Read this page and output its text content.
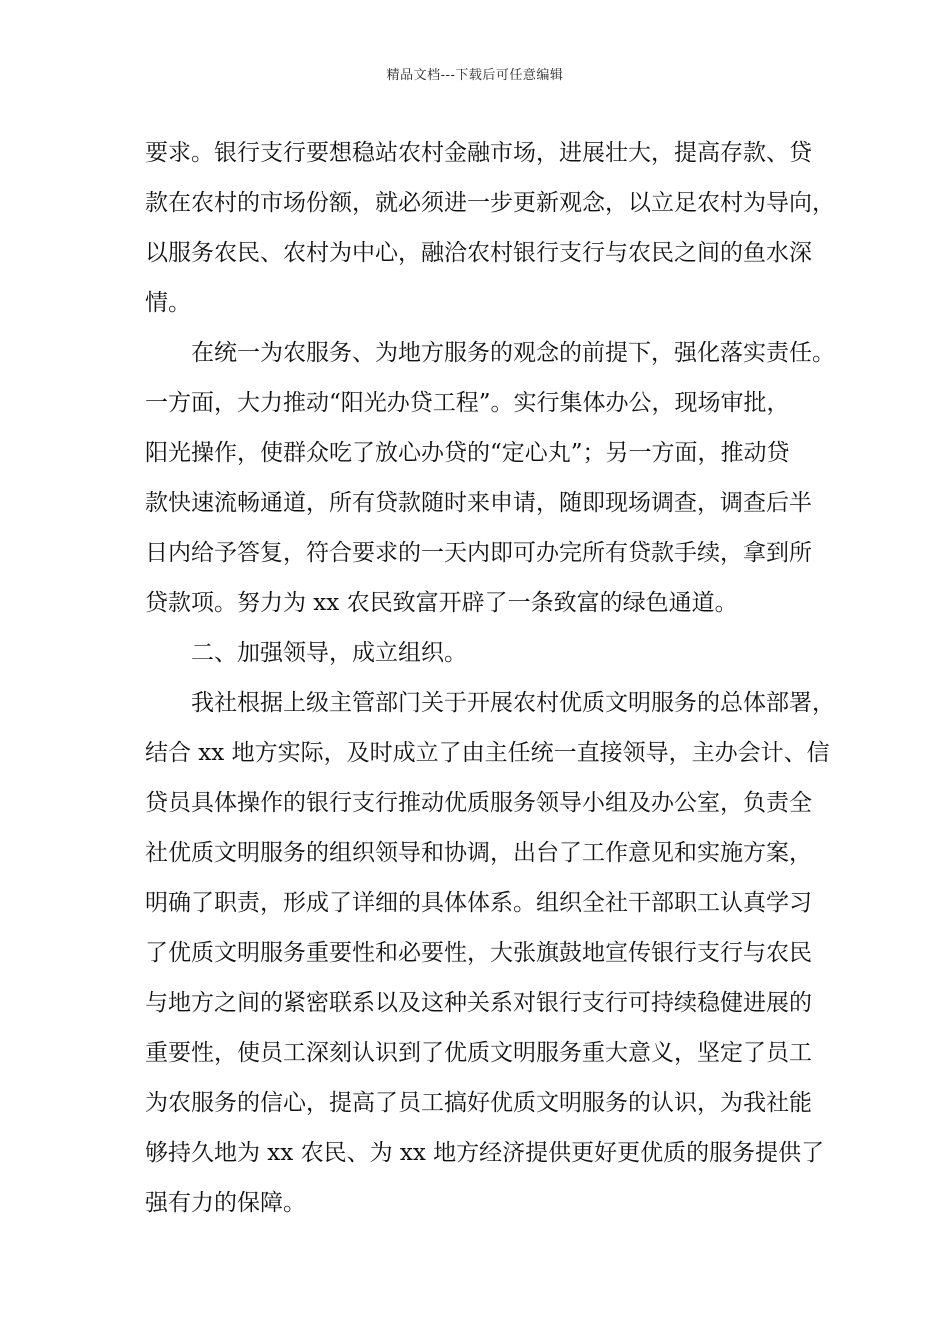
精品文档---下载后可任意编辑
要求。银行支行要想稳站农村金融市场，进展壮大，提高存款、贷
款在农村的市场份额，就必须进一步更新观念，以立足农村为导向，
以服务农民、农村为中心，融洽农村银行支行与农民之间的鱼水深
情。
在统一为农服务、为地方服务的观念的前提下，强化落实责任。
一方面，大力推动“阳光办贷工程”。实行集体办公，现场审批，
阳光操作，使群众吃了放心办贷的“定心丸”；另一方面，推动贷
款快速流畅通道，所有贷款随时来申请，随即现场调查，调查后半
日内给予答复，符合要求的一天内即可办完所有贷款手续，拿到所
贷款项。努力为 xx 农民致富开辟了一条致富的绿色通道。
二、加强领导，成立组织。
我社根据上级主管部门关于开展农村优质文明服务的总体部署，
结合 xx 地方实际，及时成立了由主任统一直接领导，主办会计、信
贷员具体操作的银行支行推动优质服务领导小组及办公室，负责全
社优质文明服务的组织领导和协调，出台了工作意见和实施方案，
明确了职责，形成了详细的具体体系。组织全社干部职工认真学习
了优质文明服务重要性和必要性，大张旗鼓地宣传银行支行与农民
与地方之间的紧密联系以及这种关系对银行支行可持续稳健进展的
重要性，使员工深刻认识到了优质文明服务重大意义，坚定了员工
为农服务的信心，提高了员工搞好优质文明服务的认识，为我社能
够持久地为 xx 农民、为 xx 地方经济提供更好更优质的服务提供了
强有力的保障。
